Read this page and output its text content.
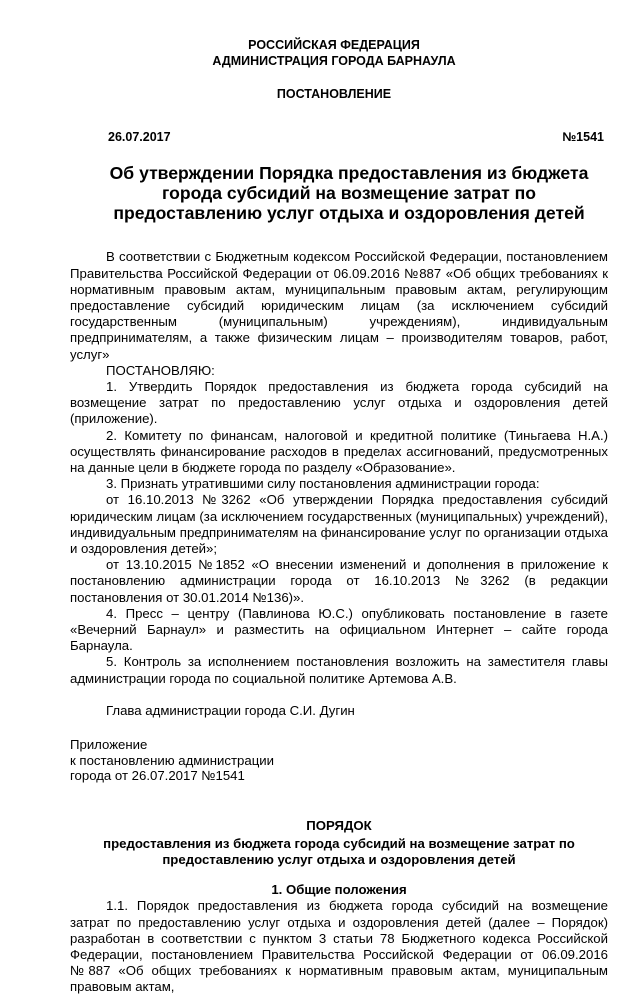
РОССИЙСКАЯ ФЕДЕРАЦИЯ
АДМИНИСТРАЦИЯ ГОРОДА БАРНАУЛА
ПОСТАНОВЛЕНИЕ
26.07.2017	№1541
Об утверждении Порядка предоставления из бюджета города субсидий на возмещение затрат по предоставлению услуг отдыха и оздоровления детей

В соответствии с Бюджетным кодексом Российской Федерации, постановлением Правительства Российской Федерации от 06.09.2016 №887 «Об общих требованиях к нормативным правовым актам, муниципальным правовым актам, регулирующим предоставление субсидий юридическим лицам (за исключением субсидий государственным (муниципальным) учреждениям), индивидуальным предпринимателям, а также физическим лицам – производителям товаров, работ, услуг»

ПОСТАНОВЛЯЮ:

1. Утвердить Порядок предоставления из бюджета города субсидий на возмещение затрат по предоставлению услуг отдыха и оздоровления детей (приложение).

2. Комитету по финансам, налоговой и кредитной политике (Тиньгаева Н.А.) осуществлять финансирование расходов в пределах ассигнований, предусмотренных на данные цели в бюджете города по разделу «Образование».

3. Признать утратившими силу постановления администрации города:

от 16.10.2013 №3262 «Об утверждении Порядка предоставления субсидий юридическим лицам (за исключением государственных (муниципальных) учреждений), индивидуальным предпринимателям на финансирование услуг по организации отдыха и оздоровления детей»;

от 13.10.2015 №1852 «О внесении изменений и дополнения в приложение к постановлению администрации города от 16.10.2013 №3262 (в редакции постановления от 30.01.2014 №136)».

4. Пресс – центру (Павлинова Ю.С.) опубликовать постановление в газете «Вечерний Барнаул» и разместить на официальном Интернет – сайте города Барнаула.

5. Контроль за исполнением постановления возложить на заместителя главы администрации города по социальной политике Артемова А.В.

Глава администрации города С.И. Дугин

Приложение

к постановлению администрации

города от 26.07.2017 №1541

ПОРЯДОК
предоставления из бюджета города субсидий на возмещение затрат по предоставлению услуг отдыха и оздоровления детей
1. Общие положения

1.1. Порядок предоставления из бюджета города субсидий на возмещение затрат по предоставлению услуг отдыха и оздоровления детей (далее – Порядок) разработан в соответствии с пунктом 3 статьи 78 Бюджетного кодекса Российской Федерации, постановлением Правительства Российской Федерации от 06.09.2016 №887 «Об общих требованиях к нормативным правовым актам, муниципальным правовым актам,
